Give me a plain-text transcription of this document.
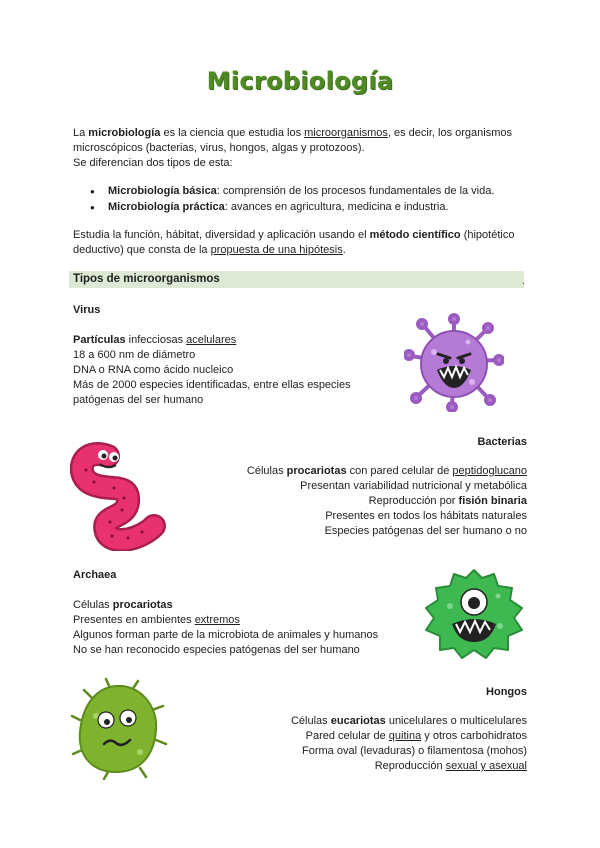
Microbiología

La microbiología es la ciencia que estudia los microorganismos, es decir, los organismos

microscópicos (bacterias, virus, hongos, algas y protozoos).

Se diferencian dos tipos de esta:

● Microbiología básica: comprensión de los procesos fundamentales de la vida.
● Microbiología práctica: avances en agricultura, medicina e industria.

Estudia la función, hábitat, diversidad y aplicación usando el método científico (hipotético

deductivo) que consta de la propuesta de una hipótesis.

Tipos de microorganismos	.

Virus

Partículas infecciosas acelulares

18 a 600 nm de diámetro

DNA o RNA como ácido nucleico

Más de 2000 especies identificadas, entre ellas especies

patógenas del ser humano

Bacterias

Células procariotas con pared celular de peptidoglucano

Presentan variabilidad nutricional y metabólica

Reproducción por fisión binaria

Presentes en todos los hábitats naturales

Especies patógenas del ser humano o no

Archaea

Células procariotas

Presentes en ambientes extremos

Algunos forman parte de la microbiota de animales y humanos

No se han reconocido especies patógenas del ser humano

Hongos

Células eucariotas unicelulares o multicelulares

Pared celular de quitina y otros carbohidratos

Forma oval (levaduras) o filamentosa (mohos)

Reproducción sexual y asexual
